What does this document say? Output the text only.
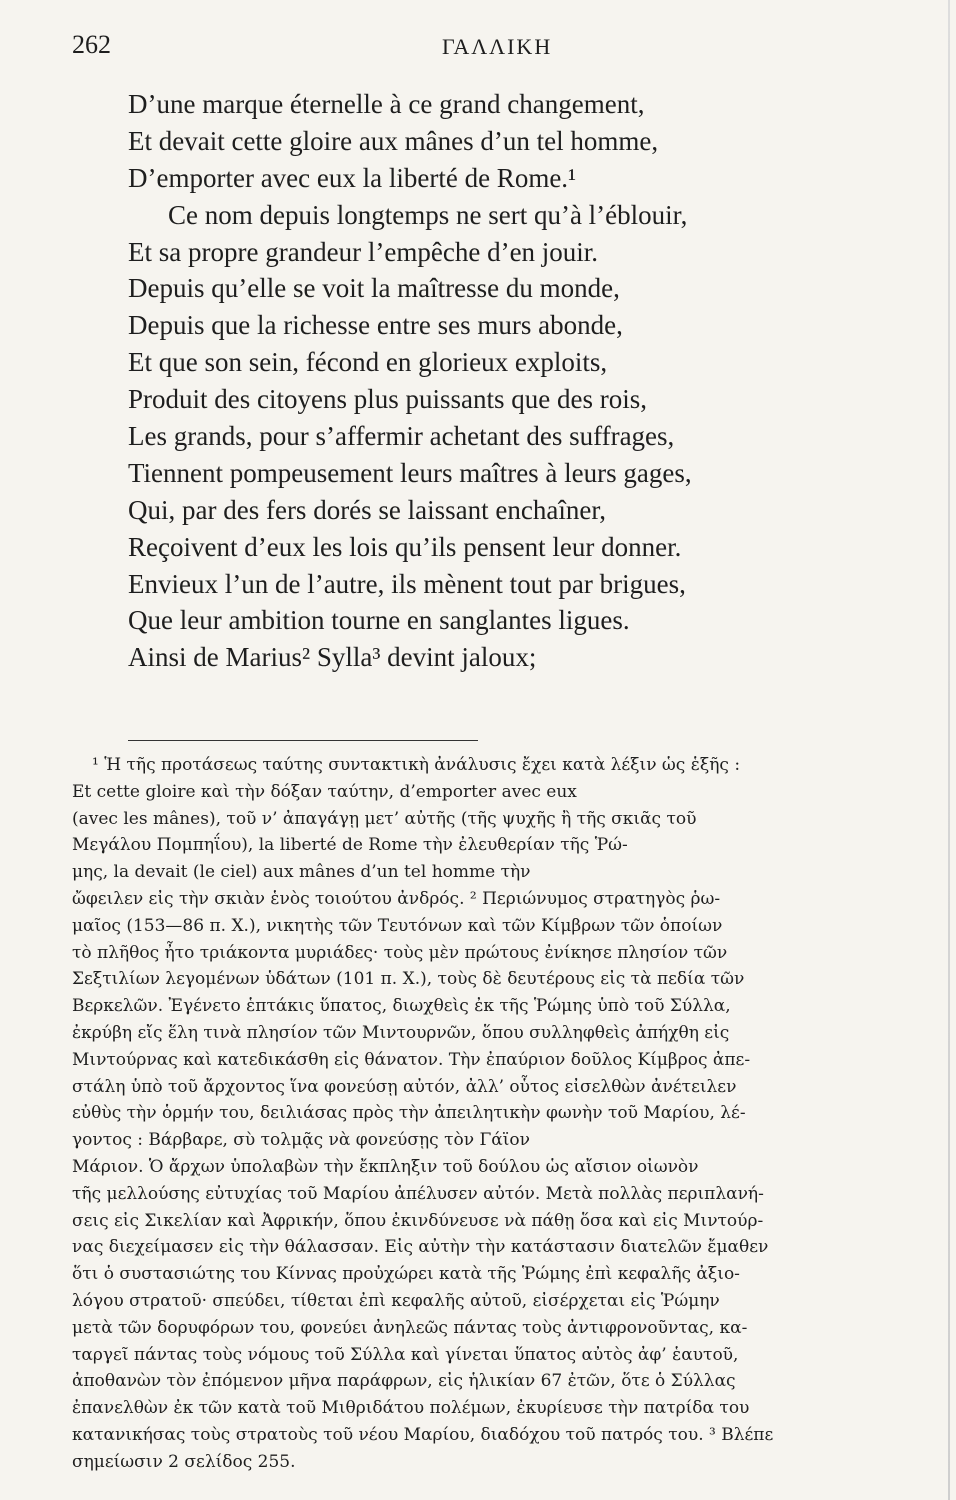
262	ΓΑΛΛΙΚΗ
D’une marque éternelle à ce grand changement,
Et devait cette gloire aux mânes d’un tel homme,
D’emporter avec eux la liberté de Rome.¹
Ce nom depuis longtemps ne sert qu’à l’éblouir,
Et sa propre grandeur l’empêche d’en jouir.
Depuis qu’elle se voit la maîtresse du monde,
Depuis que la richesse entre ses murs abonde,
Et que son sein, fécond en glorieux exploits,
Produit des citoyens plus puissants que des rois,
Les grands, pour s’affermir achetant des suffrages,
Tiennent pompeusement leurs maîtres à leurs gages,
Qui, par des fers dorés se laissant enchaîner,
Reçoivent d’eux les lois qu’ils pensent leur donner.
Envieux l’un de l’autre, ils mènent tout par brigues,
Que leur ambition tourne en sanglantes ligues.
Ainsi de Marius² Sylla³ devint jaloux;
¹ Ἡ τῆς προτάσεως ταύτης συντακτικὴ ἀνάλυσις ἔχει κατὰ λέξιν ὡς ἑξῆς :
Et cette gloire καὶ τὴν δόξαν ταύτην, d’emporter avec eux
(avec les mânes), τοῦ ν’ ἀπαγάγῃ μετ’ αὐτῆς (τῆς ψυχῆς ἢ τῆς σκιᾶς τοῦ
Μεγάλου Πομπηΐου), la liberté de Rome τὴν ἐλευθερίαν τῆς Ῥώ-
μης, la devait (le ciel) aux mânes d’un tel homme τὴν
ὤφειλεν εἰς τὴν σκιὰν ἑνὸς τοιούτου ἀνδρός. ² Περιώνυμος στρατηγὸς ῥω-
μαῖος (153—86 π. Χ.), νικητὴς τῶν Τευτόνων καὶ τῶν Κίμβρων τῶν ὁποίων
τὸ πλῆθος ἦτο τριάκοντα μυριάδες· τοὺς μὲν πρώτους ἐνίκησε πλησίον τῶν
Σεξτιλίων λεγομένων ὑδάτων (101 π. Χ.), τοὺς δὲ δευτέρους εἰς τὰ πεδία τῶν
Βερκελῶν. Ἐγένετο ἑπτάκις ὕπατος, διωχθεὶς ἐκ τῆς Ῥώμης ὑπὸ τοῦ Σύλλα,
ἐκρύβη εἴς ἕλη τινὰ πλησίον τῶν Μιντουρνῶν, ὅπου συλληφθεὶς ἀπήχθη εἰς
Μιντούρνας καὶ κατεδικάσθη εἰς θάνατον. Τὴν ἐπαύριον δοῦλος Κίμβρος ἀπε-
στάλη ὑπὸ τοῦ ἄρχοντος ἵνα φονεύσῃ αὐτόν, ἀλλ’ οὗτος εἰσελθὼν ἀνέτειλεν
εὐθὺς τὴν ὁρμήν του, δειλιάσας πρὸς τὴν ἀπειλητικὴν φωνὴν τοῦ Μαρίου, λέ-
γοντος : Βάρβαρε, σὺ τολμᾷς νὰ φονεύσῃς τὸν Γάϊον
Μάριον. Ὁ ἄρχων ὑπολαβὼν τὴν ἔκπληξιν τοῦ δούλου ὡς αἴσιον οἰωνὸν
τῆς μελλούσης εὐτυχίας τοῦ Μαρίου ἀπέλυσεν αὐτόν. Μετὰ πολλὰς περιπλανή-
σεις εἰς Σικελίαν καὶ Ἀφρικήν, ὅπου ἐκινδύνευσε νὰ πάθῃ ὅσα καὶ εἰς Μιντούρ-
νας διεχείμασεν εἰς τὴν θάλασσαν. Εἰς αὐτὴν τὴν κατάστασιν διατελῶν ἔμαθεν
ὅτι ὁ συστασιώτης του Κίννας προὐχώρει κατὰ τῆς Ῥώμης ἐπὶ κεφαλῆς ἀξιο-
λόγου στρατοῦ· σπεύδει, τίθεται ἐπὶ κεφαλῆς αὐτοῦ, εἰσέρχεται εἰς Ῥώμην
μετὰ τῶν δορυφόρων του, φονεύει ἀνηλεῶς πάντας τοὺς ἀντιφρονοῦντας, κα-
ταργεῖ πάντας τοὺς νόμους τοῦ Σύλλα καὶ γίνεται ὕπατος αὐτὸς ἀφ’ ἑαυτοῦ,
ἀποθανὼν τὸν ἐπόμενον μῆνα παράφρων, εἰς ἡλικίαν 67 ἐτῶν, ὅτε ὁ Σύλλας
ἐπανελθὼν ἐκ τῶν κατὰ τοῦ Μιθριδάτου πολέμων, ἐκυρίευσε τὴν πατρίδα του
κατανικήσας τοὺς στρατοὺς τοῦ νέου Μαρίου, διαδόχου τοῦ πατρός του. ³ Βλέπε
σημείωσιν 2 σελίδος 255.
